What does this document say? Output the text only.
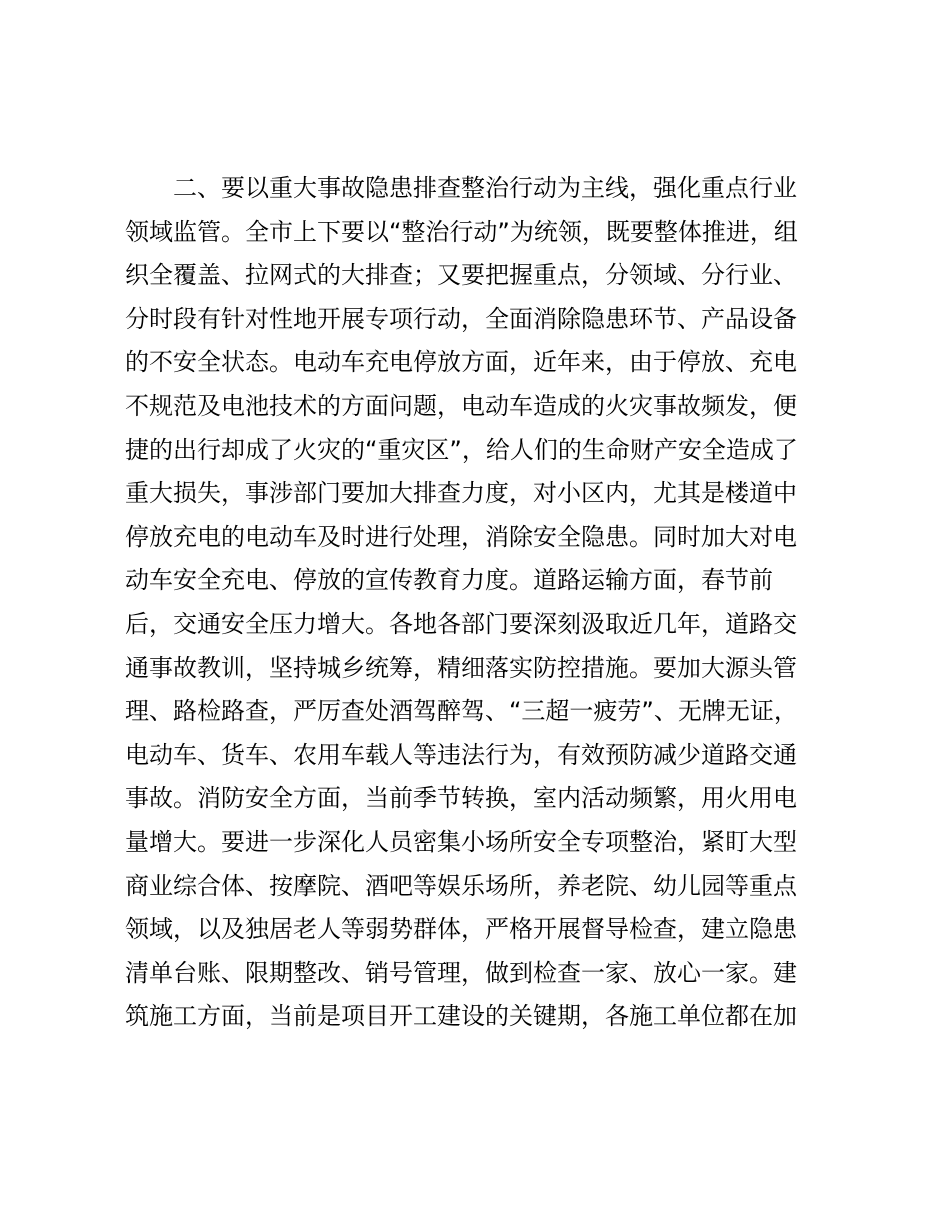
　　二、要以重大事故隐患排查整治行动为主线，强化重点行业
领域监管。全市上下要以“整治行动”为统领，既要整体推进，组
织全覆盖、拉网式的大排查；又要把握重点，分领域、分行业、
分时段有针对性地开展专项行动，全面消除隐患环节、产品设备
的不安全状态。电动车充电停放方面，近年来，由于停放、充电
不规范及电池技术的方面问题，电动车造成的火灾事故频发，便
捷的出行却成了火灾的“重灾区”，给人们的生命财产安全造成了
重大损失，事涉部门要加大排查力度，对小区内，尤其是楼道中
停放充电的电动车及时进行处理，消除安全隐患。同时加大对电
动车安全充电、停放的宣传教育力度。道路运输方面，春节前
后，交通安全压力增大。各地各部门要深刻汲取近几年，道路交
通事故教训，坚持城乡统筹，精细落实防控措施。要加大源头管
理、路检路查，严厉查处酒驾醉驾、“三超一疲劳”、无牌无证，
电动车、货车、农用车载人等违法行为，有效预防减少道路交通
事故。消防安全方面，当前季节转换，室内活动频繁，用火用电
量增大。要进一步深化人员密集小场所安全专项整治，紧盯大型
商业综合体、按摩院、酒吧等娱乐场所，养老院、幼儿园等重点
领域，以及独居老人等弱势群体，严格开展督导检查，建立隐患
清单台账、限期整改、销号管理，做到检查一家、放心一家。建
筑施工方面，当前是项目开工建设的关键期，各施工单位都在加
